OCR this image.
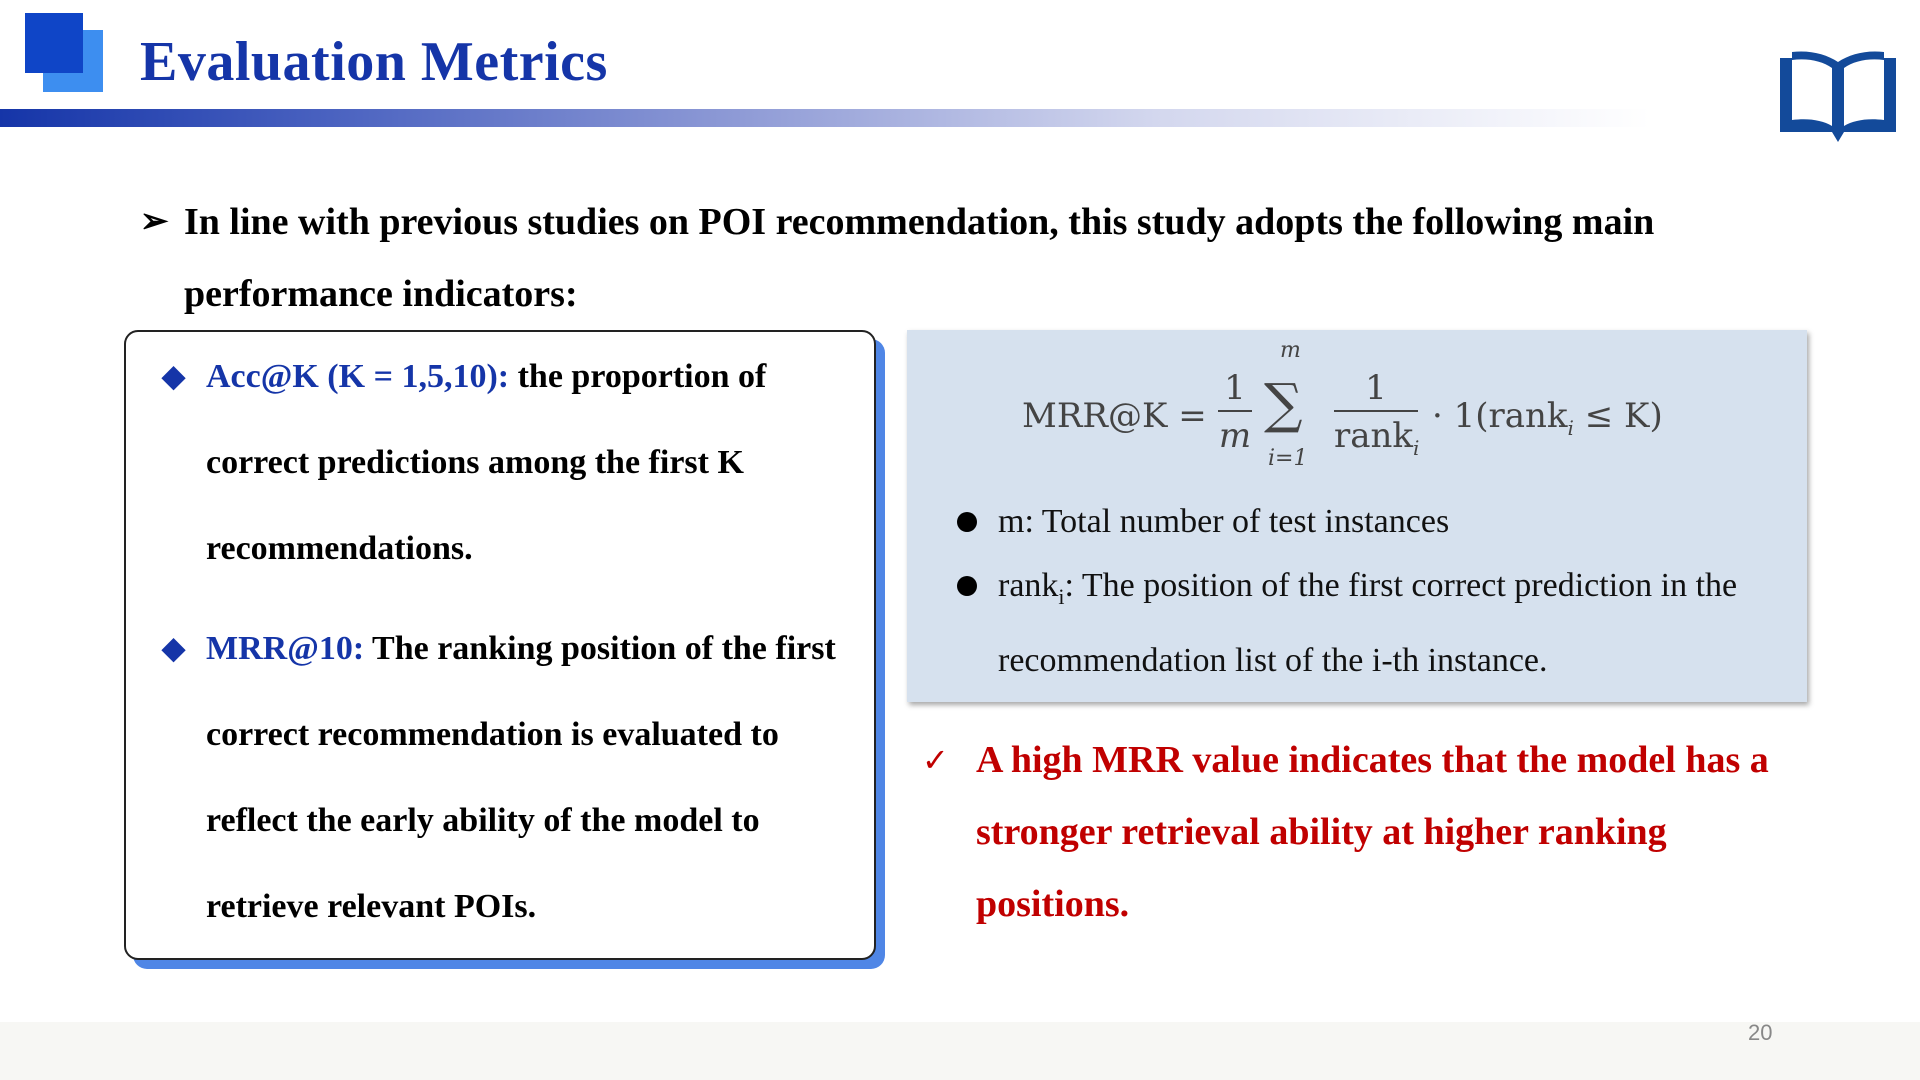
Evaluation Metrics
➢ In line with previous studies on POI recommendation, this study adopts the following main performance indicators:
◆ Acc@K (K = 1,5,10): the proportion of correct predictions among the first K recommendations.
◆ MRR@10: The ranking position of the first correct recommendation is evaluated to reflect the early ability of the model to retrieve relevant POIs.
MRR@K =
1
m
m
∑
i=1
1
rank$_i$
· 1(rank$_i$ ≤ K)
m: Total number of test instances
rank$_i$: The position of the first correct prediction in the recommendation list of the i-th instance.
✓ A high MRR value indicates that the model has a stronger retrieval ability at higher ranking positions.
20
